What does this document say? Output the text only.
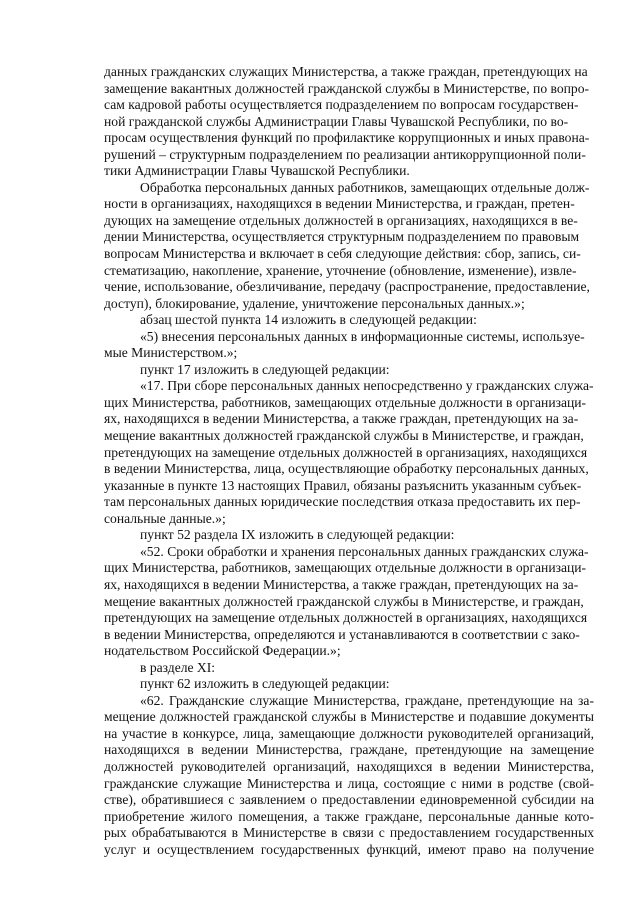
данных гражданских служащих Министерства, а также граждан, претендующих на
замещение вакантных должностей гражданской службы в Министерстве, по вопро-
сам кадровой работы осуществляется подразделением по вопросам государствен-
ной гражданской службы Администрации Главы Чувашской Республики, по во-
просам осуществления функций по профилактике коррупционных и иных правона-
рушений – структурным подразделением по реализации антикоррупционной поли-
тики Администрации Главы Чувашской Республики.

Обработка персональных данных работников, замещающих отдельные долж-
ности в организациях, находящихся в ведении Министерства, и граждан, претен-
дующих на замещение отдельных должностей в организациях, находящихся в ве-
дении Министерства, осуществляется структурным подразделением по правовым
вопросам Министерства и включает в себя следующие действия: сбор, запись, си-
стематизацию, накопление, хранение, уточнение (обновление, изменение), извле-
чение, использование, обезличивание, передачу (распространение, предоставление,
доступ), блокирование, удаление, уничтожение персональных данных.»;

абзац шестой пункта 14 изложить в следующей редакции:

«5) внесения персональных данных в информационные системы, используе-
мые Министерством.»;

пункт 17 изложить в следующей редакции:

«17. При сборе персональных данных непосредственно у гражданских служа-
щих Министерства, работников, замещающих отдельные должности в организаци-
ях, находящихся в ведении Министерства, а также граждан, претендующих на за-
мещение вакантных должностей гражданской службы в Министерстве, и граждан,
претендующих на замещение отдельных должностей в организациях, находящихся
в ведении Министерства, лица, осуществляющие обработку персональных данных,
указанные в пункте 13 настоящих Правил, обязаны разъяснить указанным субъек-
там персональных данных юридические последствия отказа предоставить их пер-
сональные данные.»;

пункт 52 раздела IX изложить в следующей редакции:

«52. Сроки обработки и хранения персональных данных гражданских служа-
щих Министерства, работников, замещающих отдельные должности в организаци-
ях, находящихся в ведении Министерства, а также граждан, претендующих на за-
мещение вакантных должностей гражданской службы в Министерстве, и граждан,
претендующих на замещение отдельных должностей в организациях, находящихся
в ведении Министерства, определяются и устанавливаются в соответствии с зако-
нодательством Российской Федерации.»;

в разделе XI:

пункт 62 изложить в следующей редакции:

«62. Гражданские служащие Министерства, граждане, претендующие на за-
мещение должностей гражданской службы в Министерстве и подавшие документы
на участие в конкурсе, лица, замещающие должности руководителей организаций,
находящихся в ведении Министерства, граждане, претендующие на замещение
должностей руководителей организаций, находящихся в ведении Министерства,
гражданские служащие Министерства и лица, состоящие с ними в родстве (свой-
стве), обратившиеся с заявлением о предоставлении единовременной субсидии на
приобретение жилого помещения, а также граждане, персональные данные кото-
рых обрабатываются в Министерстве в связи с предоставлением государственных
услуг и осуществлением государственных функций, имеют право на получение
